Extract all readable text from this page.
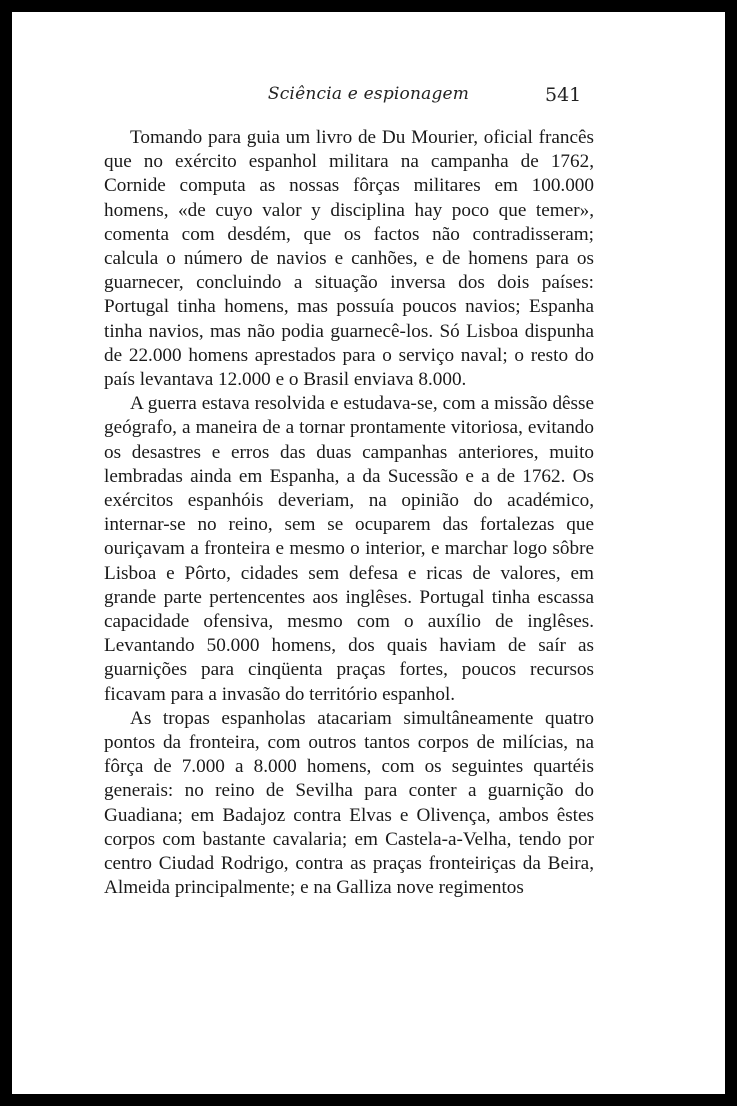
Sciência e espionagem	541

Tomando para guia um livro de Du Mourier, oficial francês que no exército espanhol militara na campanha de 1762, Cornide computa as nossas fôrças militares em 100.000 homens, «de cuyo valor y disciplina hay poco que temer», comenta com desdém, que os factos não contradisseram; calcula o número de navios e canhões, e de homens para os guarnecer, concluindo a situação inversa dos dois países: Portugal tinha homens, mas possuía poucos navios; Espanha tinha navios, mas não podia guarnecê-los. Só Lisboa dispunha de 22.000 homens aprestados para o serviço naval; o resto do país levantava 12.000 e o Brasil enviava 8.000.

A guerra estava resolvida e estudava-se, com a missão dêsse geógrafo, a maneira de a tornar prontamente vitoriosa, evitando os desastres e erros das duas campanhas anteriores, muito lembradas ainda em Espanha, a da Sucessão e a de 1762. Os exércitos espanhóis deveriam, na opinião do académico, internar-se no reino, sem se ocuparem das fortalezas que ouriçavam a fronteira e mesmo o interior, e marchar logo sôbre Lisboa e Pôrto, cidades sem defesa e ricas de valores, em grande parte pertencentes aos inglêses. Portugal tinha escassa capacidade ofensiva, mesmo com o auxílio de inglêses. Levantando 50.000 homens, dos quais haviam de saír as guarnições para cinqüenta praças fortes, poucos recursos ficavam para a invasão do território espanhol.

As tropas espanholas atacariam simultâneamente quatro pontos da fronteira, com outros tantos corpos de milícias, na fôrça de 7.000 a 8.000 homens, com os seguintes quartéis generais: no reino de Sevilha para conter a guarnição do Guadiana; em Badajoz contra Elvas e Olivença, ambos êstes corpos com bastante cavalaria; em Castela-a-Velha, tendo por centro Ciudad Rodrigo, contra as praças fronteiriças da Beira, Almeida principalmente; e na Galliza nove regimentos
